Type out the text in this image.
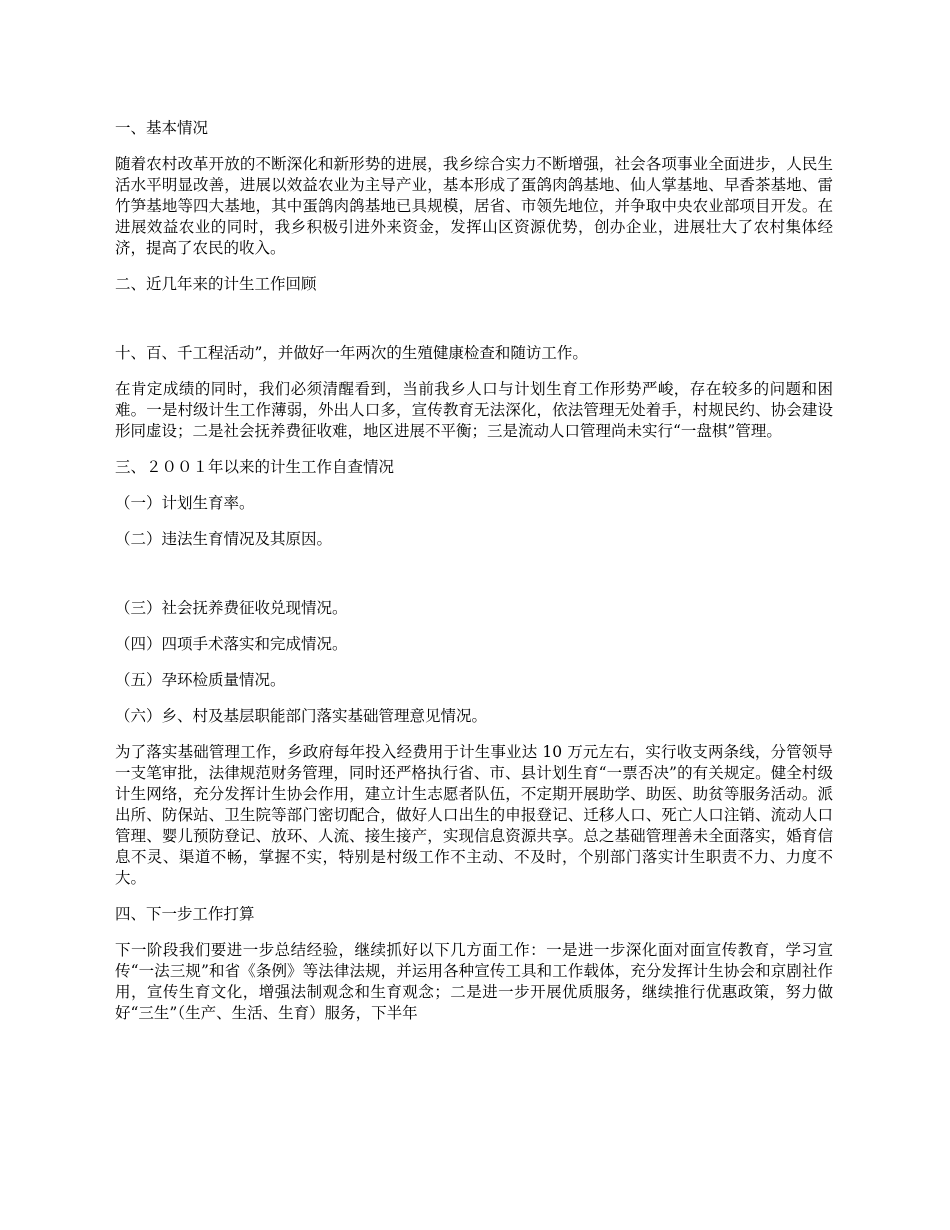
一、基本情况

随着农村改革开放的不断深化和新形势的进展，我乡综合实力不断增强，社会各项事业全面进步，人民生活水平明显改善，进展以效益农业为主导产业，基本形成了蛋鸽肉鸽基地、仙人掌基地、早香茶基地、雷竹笋基地等四大基地，其中蛋鸽肉鸽基地已具规模，居省、市领先地位，并争取中央农业部项目开发。在进展效益农业的同时，我乡积极引进外来资金，发挥山区资源优势，创办企业，进展壮大了农村集体经济，提高了农民的收入。

二、近几年来的计生工作回顾

十、百、千工程活动”，并做好一年两次的生殖健康检查和随访工作。

在肯定成绩的同时，我们必须清醒看到，当前我乡人口与计划生育工作形势严峻，存在较多的问题和困难。一是村级计生工作薄弱，外出人口多，宣传教育无法深化，依法管理无处着手，村规民约、协会建设形同虚设；二是社会抚养费征收难，地区进展不平衡；三是流动人口管理尚未实行“一盘棋”管理。

三、２００１年以来的计生工作自查情况

（一）计划生育率。

（二）违法生育情况及其原因。

（三）社会抚养费征收兑现情况。

（四）四项手术落实和完成情况。

（五）孕环检质量情况。

（六）乡、村及基层职能部门落实基础管理意见情况。

为了落实基础管理工作，乡政府每年投入经费用于计生事业达 10 万元左右，实行收支两条线，分管领导一支笔审批，法律规范财务管理，同时还严格执行省、市、县计划生育“一票否决”的有关规定。健全村级计生网络，充分发挥计生协会作用，建立计生志愿者队伍，不定期开展助学、助医、助贫等服务活动。派出所、防保站、卫生院等部门密切配合，做好人口出生的申报登记、迁移人口、死亡人口注销、流动人口管理、婴儿预防登记、放环、人流、接生接产，实现信息资源共享。总之基础管理善未全面落实，婚育信息不灵、渠道不畅，掌握不实，特别是村级工作不主动、不及时，个别部门落实计生职责不力、力度不大。

四、下一步工作打算

下一阶段我们要进一步总结经验，继续抓好以下几方面工作：一是进一步深化面对面宣传教育，学习宣传“一法三规”和省《条例》等法律法规，并运用各种宣传工具和工作载体，充分发挥计生协会和京剧社作用，宣传生育文化，增强法制观念和生育观念；二是进一步开展优质服务，继续推行优惠政策，努力做好“三生”（生产、生活、生育）服务，下半年
